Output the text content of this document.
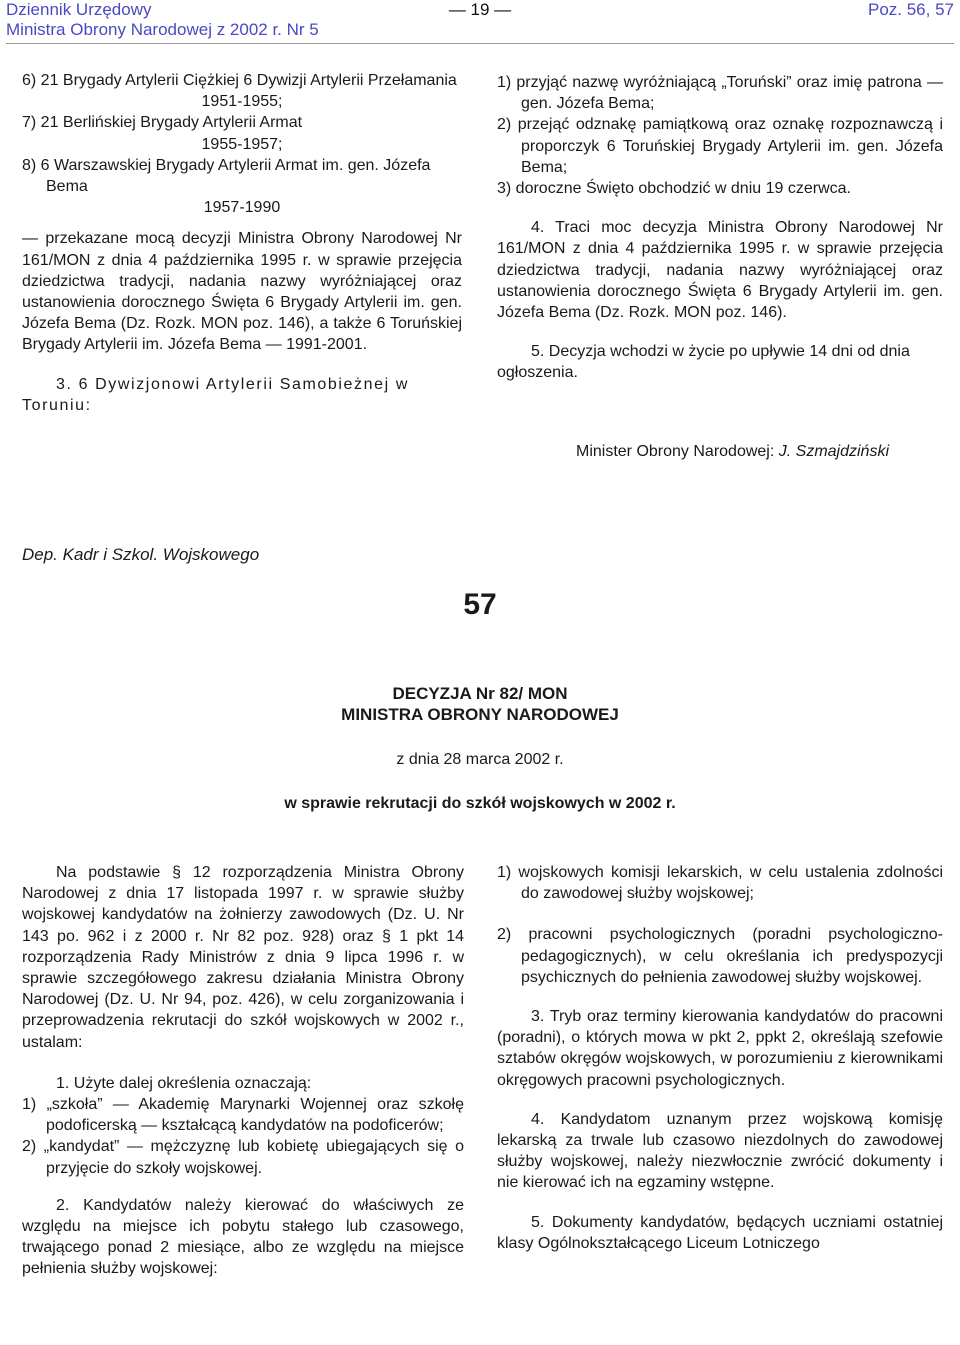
Dziennik Urzędowy
Ministra Obrony Narodowej z 2002 r. Nr 5
— 19 —	Poz. 56, 57

6) 21 Brygady Artylerii Ciężkiej 6 Dywizji Artylerii Przełamania

1951-1955;

7) 21 Berlińskiej Brygady Artylerii Armat

1955-1957;

8) 6 Warszawskiej Brygady Artylerii Armat im. gen. Józefa Bema

1957-1990

— przekazane mocą decyzji Ministra Obrony Narodowej Nr 161/MON z dnia 4 października 1995 r. w sprawie przejęcia dziedzictwa tradycji, nadania nazwy wyróżniającej oraz ustanowienia dorocznego Święta 6 Brygady Artylerii im. gen. Józefa Bema (Dz. Rozk. MON poz. 146), a także 6 Toruńskiej Brygady Artylerii im. Józefa Bema — 1991-2001.

3. 6 Dywizjonowi Artylerii Samobieżnej w Toruniu:

1) przyjąć nazwę wyróżniającą „Toruński” oraz imię patrona — gen. Józefa Bema;

2) przejąć odznakę pamiątkową oraz oznakę rozpoznawczą i proporczyk 6 Toruńskiej Brygady Artylerii im. gen. Józefa Bema;

3) doroczne Święto obchodzić w dniu 19 czerwca.

4. Traci moc decyzja Ministra Obrony Narodowej Nr 161/MON z dnia 4 października 1995 r. w sprawie przejęcia dziedzictwa tradycji, nadania nazwy wyróżniającej oraz ustanowienia dorocznego Święta 6 Brygady Artylerii im. gen. Józefa Bema (Dz. Rozk. MON poz. 146).

5. Decyzja wchodzi w życie po upływie 14 dni od dnia ogłoszenia.

Minister Obrony Narodowej: J. Szmajdziński
Dep. Kadr i Szkol. Wojskowego
57
DECYZJA Nr 82/ MON
MINISTRA OBRONY NARODOWEJ
z dnia 28 marca 2002 r.
w sprawie rekrutacji do szkół wojskowych w 2002 r.

Na podstawie § 12 rozporządzenia Ministra Obrony Narodowej z dnia 17 listopada 1997 r. w sprawie służby wojskowej kandydatów na żołnierzy zawodowych (Dz. U. Nr 143 po. 962 i z 2000 r. Nr 82 poz. 928) oraz § 1 pkt 14 rozporządzenia Rady Ministrów z dnia 9 lipca 1996 r. w sprawie szczegółowego zakresu działania Ministra Obrony Narodowej (Dz. U. Nr 94, poz. 426), w celu zorganizowania i przeprowadzenia rekrutacji do szkół wojskowych w 2002 r., ustalam:

1. Użyte dalej określenia oznaczają:

1) „szkoła” — Akademię Marynarki Wojennej oraz szkołę podoficerską — kształcącą kandydatów na podoficerów;

2) „kandydat” — mężczyznę lub kobietę ubiegających się o przyjęcie do szkoły wojskowej.

2. Kandydatów należy kierować do właściwych ze względu na miejsce ich pobytu stałego lub czasowego, trwającego ponad 2 miesiące, albo ze względu na miejsce pełnienia służby wojskowej:

1) wojskowych komisji lekarskich, w celu ustalenia zdolności do zawodowej służby wojskowej;

2) pracowni psychologicznych (poradni psychologiczno-pedagogicznych), w celu określania ich predyspozycji psychicznych do pełnienia zawodowej służby wojskowej.

3. Tryb oraz terminy kierowania kandydatów do pracowni (poradni), o których mowa w pkt 2, ppkt 2, określają szefowie sztabów okręgów wojskowych, w porozumieniu z kierownikami okręgowych pracowni psychologicznych.

4. Kandydatom uznanym przez wojskową komisję lekarską za trwale lub czasowo niezdolnych do zawodowej służby wojskowej, należy niezwłocznie zwrócić dokumenty i nie kierować ich na egzaminy wstępne.

5. Dokumenty kandydatów, będących uczniami ostatniej klasy Ogólnokształcącego Liceum Lotniczego
